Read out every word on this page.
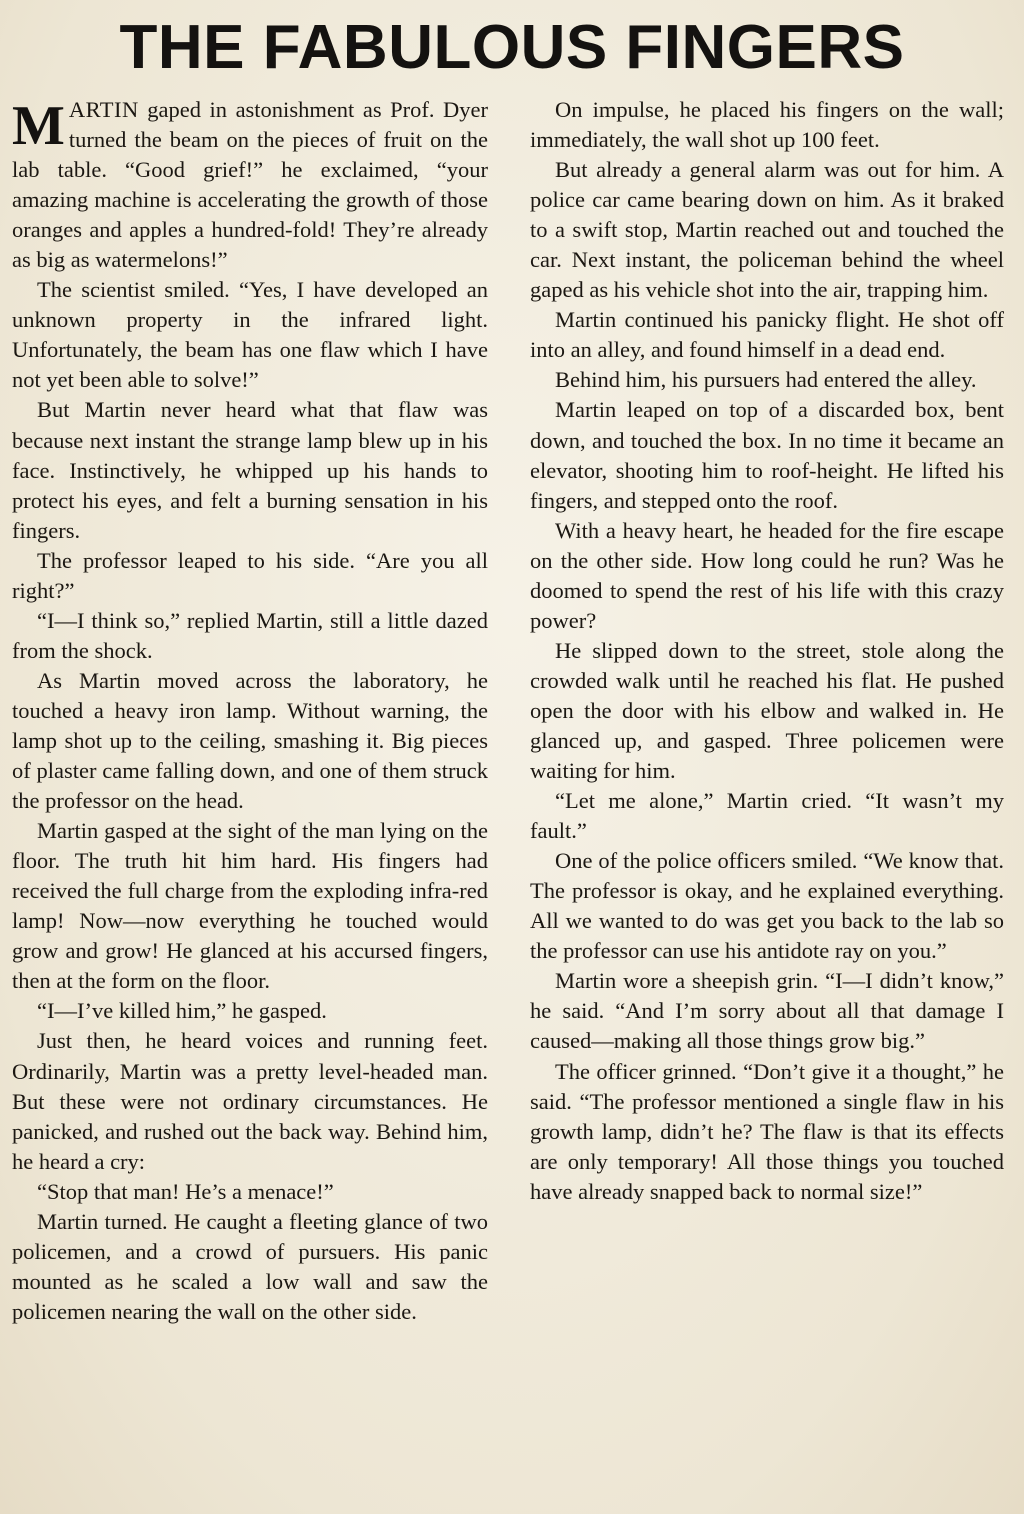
THE FABULOUS FINGERS

MARTIN gaped in astonishment as Prof. Dyer turned the beam on the pieces of fruit on the lab table. “Good grief!” he exclaimed, “your amazing machine is accelerating the growth of those oranges and apples a hundred-fold! They’re already as big as watermelons!”

The scientist smiled. “Yes, I have developed an unknown property in the infrared light. Unfortunately, the beam has one flaw which I have not yet been able to solve!”

But Martin never heard what that flaw was because next instant the strange lamp blew up in his face. Instinctively, he whipped up his hands to protect his eyes, and felt a burning sensation in his fingers.

The professor leaped to his side. “Are you all right?”

“I—I think so,” replied Martin, still a little dazed from the shock.

As Martin moved across the laboratory, he touched a heavy iron lamp. Without warning, the lamp shot up to the ceiling, smashing it. Big pieces of plaster came falling down, and one of them struck the professor on the head.

Martin gasped at the sight of the man lying on the floor. The truth hit him hard. His fingers had received the full charge from the exploding infra-red lamp! Now—now everything he touched would grow and grow! He glanced at his accursed fingers, then at the form on the floor.

“I—I’ve killed him,” he gasped.

Just then, he heard voices and running feet. Ordinarily, Martin was a pretty level-headed man. But these were not ordinary circumstances. He panicked, and rushed out the back way. Behind him, he heard a cry:

“Stop that man! He’s a menace!”

Martin turned. He caught a fleeting glance of two policemen, and a crowd of pursuers. His panic mounted as he scaled a low wall and saw the policemen nearing the wall on the other side.

On impulse, he placed his fingers on the wall; immediately, the wall shot up 100 feet.

But already a general alarm was out for him. A police car came bearing down on him. As it braked to a swift stop, Martin reached out and touched the car. Next instant, the policeman behind the wheel gaped as his vehicle shot into the air, trapping him.

Martin continued his panicky flight. He shot off into an alley, and found himself in a dead end.

Behind him, his pursuers had entered the alley.

Martin leaped on top of a discarded box, bent down, and touched the box. In no time it became an elevator, shooting him to roof-height. He lifted his fingers, and stepped onto the roof.

With a heavy heart, he headed for the fire escape on the other side. How long could he run? Was he doomed to spend the rest of his life with this crazy power?

He slipped down to the street, stole along the crowded walk until he reached his flat. He pushed open the door with his elbow and walked in. He glanced up, and gasped. Three policemen were waiting for him.

“Let me alone,” Martin cried. “It wasn’t my fault.”

One of the police officers smiled. “We know that. The professor is okay, and he explained everything. All we wanted to do was get you back to the lab so the professor can use his antidote ray on you.”

Martin wore a sheepish grin. “I—I didn’t know,” he said. “And I’m sorry about all that damage I caused—making all those things grow big.”

The officer grinned. “Don’t give it a thought,” he said. “The professor mentioned a single flaw in his growth lamp, didn’t he? The flaw is that its effects are only temporary! All those things you touched have already snapped back to normal size!”
